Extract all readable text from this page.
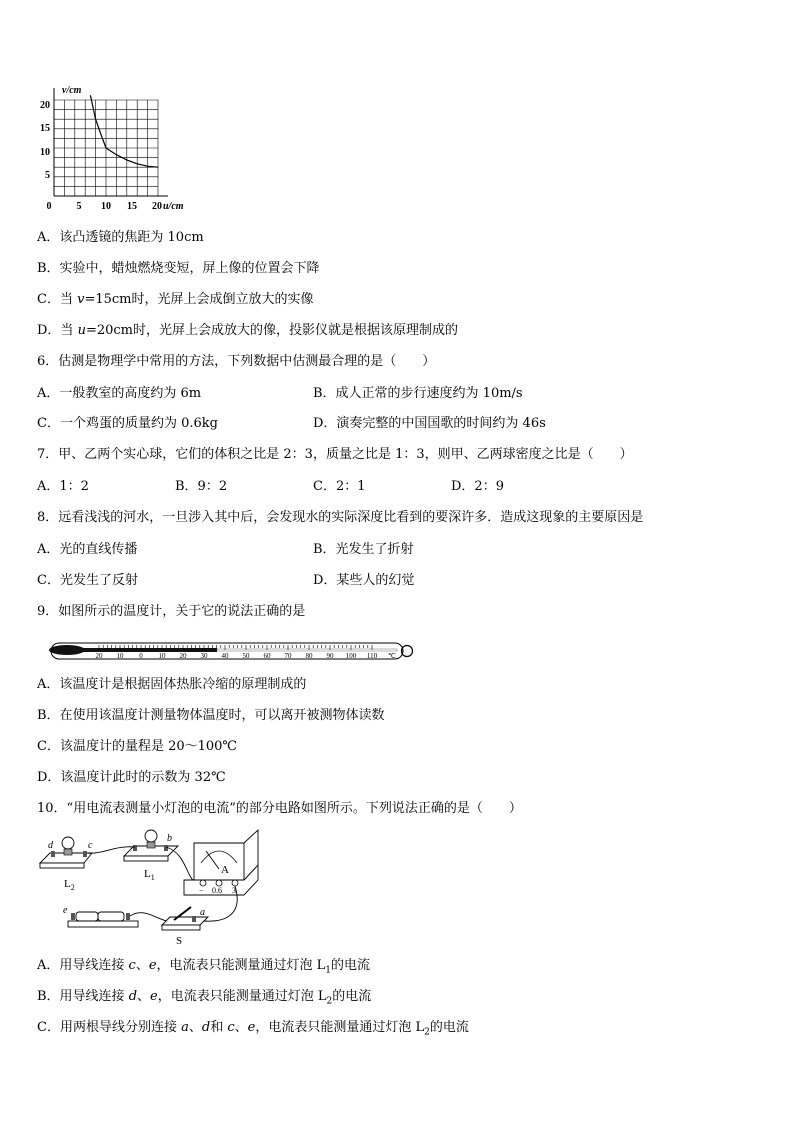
v/cm
u/cm
20
15
10
5
0	5 10 15 20
A．该凸透镜的焦距为 10cm
B．实验中，蜡烛燃烧变短，屏上像的位置会下降
C．当 v=15cm时，光屏上会成倒立放大的实像
D．当 u=20cm时，光屏上会成放大的像，投影仪就是根据该原理制成的
6．估测是物理学中常用的方法，下列数据中估测最合理的是（　　）
A．一般教室的高度约为 6m	B．成人正常的步行速度约为 10m/s
C．一个鸡蛋的质量约为 0.6kg	D．演奏完整的中国国歌的时间约为 46s
7．甲、乙两个实心球，它们的体积之比是 2：3，质量之比是 1：3，则甲、乙两球密度之比是（　　）
A．1：2	B．9：2	C．2：1	D．2：9
8．远看浅浅的河水，一旦涉入其中后，会发现水的实际深度比看到的要深许多．造成这现象的主要原因是
A．光的直线传播	B．光发生了折射
C．光发生了反射	D．某些人的幻觉
9．如图所示的温度计，关于它的说法正确的是
20 10 0 10 20 30 40 50 60 70 80 90 100 110 ℃
A．该温度计是根据固体热胀冷缩的原理制成的
B．在使用该温度计测量物体温度时，可以离开被测物体读数
C．该温度计的量程是 20～100℃
D．该温度计此时的示数为 32℃
10．“用电流表测量小灯泡的电流”的部分电路如图所示。下列说法正确的是（　　）
d	c
$L_2$
b
$L_1$
A
− 0.6 3
e	a
S
A．用导线连接 c、e，电流表只能测量通过灯泡 $L_1$的电流
B．用导线连接 d、e，电流表只能测量通过灯泡 $L_2$的电流
C．用两根导线分别连接 a、d和 c、e，电流表只能测量通过灯泡 $L_2$的电流
